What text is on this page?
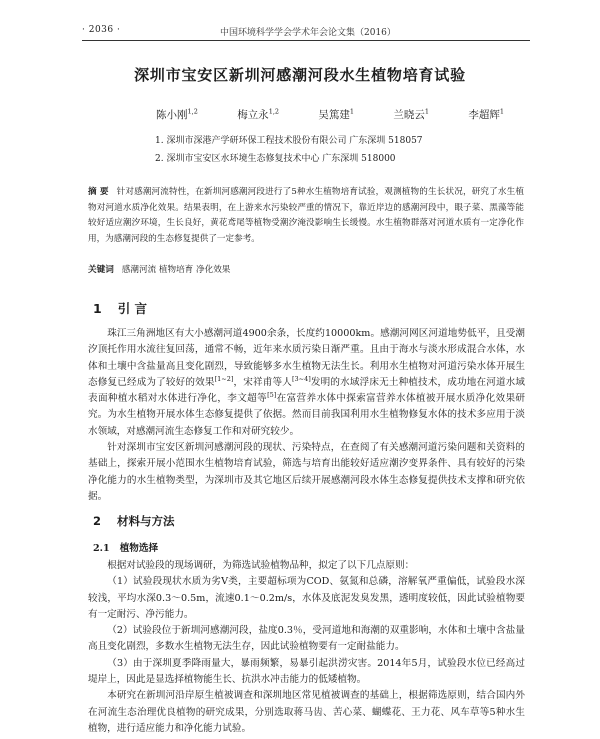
· 2036 ·	中国环境科学学会学术年会论文集（2016）
深圳市宝安区新圳河感潮河段水生植物培育试验
陈小刚$^{1,2}$	梅立永$^{1,2}$	吴篤建$^1$	兰晓云$^1$	李超辉$^1$
1. 深圳市深港产学研环保工程技术股份有限公司 广东深圳 518057
2. 深圳市宝安区水环境生态修复技术中心 广东深圳 518000
摘 要 针对感潮河流特性，在新圳河感潮河段进行了5种水生植物培育试验，观测植物的生长状况，研究了水生植物对河道水质净化效果。结果表明，在上游来水污染较严重的情况下，靠近岸边的感潮河段中，眼子菜、黑藻等能较好适应潮汐环境，生长良好，黄花鸢尾等植物受潮汐淹没影响生长缓慢。水生植物群落对河道水质有一定净化作用，为感潮河段的生态修复提供了一定参考。
关键词 感潮河流 植物培育 净化效果
1 引 言
珠江三角洲地区有大小感潮河道4900余条，长度约10000km。感潮河网区河道地势低平，且受潮汐顶托作用水流往复回荡，通常不畅，近年来水质污染日渐严重。且由于海水与淡水形成混合水体，水体和土壤中含盐量高且变化剧烈，导致能够多水生植物无法生长。利用水生植物对河道污染水体开展生态修复已经成为了较好的效果[1~2]，宋祥甫等人[3~4]发明的水域浮床无土种植技术，成功地在河道水域表面种植水稻对水体进行净化，李文超等[5]在富营养水体中探索富营养水体植被开展水质净化效果研究。为水生植物开展水体生态修复提供了依据。然而目前我国利用水生植物修复水体的技术多应用于淡水领域，对感潮河流生态修复工作和对研究较少。
针对深圳市宝安区新圳河感潮河段的现状、污染特点，在查阅了有关感潮河道污染问题和关资料的基础上，探索开展小范围水生植物培育试验，筛选与培育出能较好适应潮汐变界条件、具有较好的污染净化能力的水生植物类型，为深圳市及其它地区后续开展感潮河段水体生态修复提供技术支撑和研究依据。
2 材料与方法
2.1 植物选择
根据对试验段的现场调研，为筛选试验植物品种，拟定了以下几点原则：
（1）试验段现状水质为劣Ⅴ类，主要超标项为COD、氨氮和总磷，溶解氧严重偏低，试验段水深较浅，平均水深0.3～0.5m，流速0.1～0.2m/s，水体及底泥发臭发黑，透明度较低，因此试验植物要有一定耐污、净污能力。
（2）试验段位于新圳河感潮河段，盐度0.3％，受河道地和海潮的双重影响，水体和土壤中含盐量高且变化剧烈，多数水生植物无法生存，因此试验植物要有一定耐盐能力。
（3）由于深圳夏季降雨量大，暴雨频繁，易暴引起洪涝灾害。2014年5月，试验段水位已经高过堤岸上，因此是显选择植物能生长、抗洪水冲击能力的低矮植物。
本研究在新圳河沿岸原生植被调查和深圳地区常见植被调查的基础上，根据筛选原则，结合国内外在河流生态治理优良植物的研究成果，分别选取蒋马齿、苦心菜、蝴蝶花、王力花、风车草等5种水生植物，进行适应能力和净化能力试验。
